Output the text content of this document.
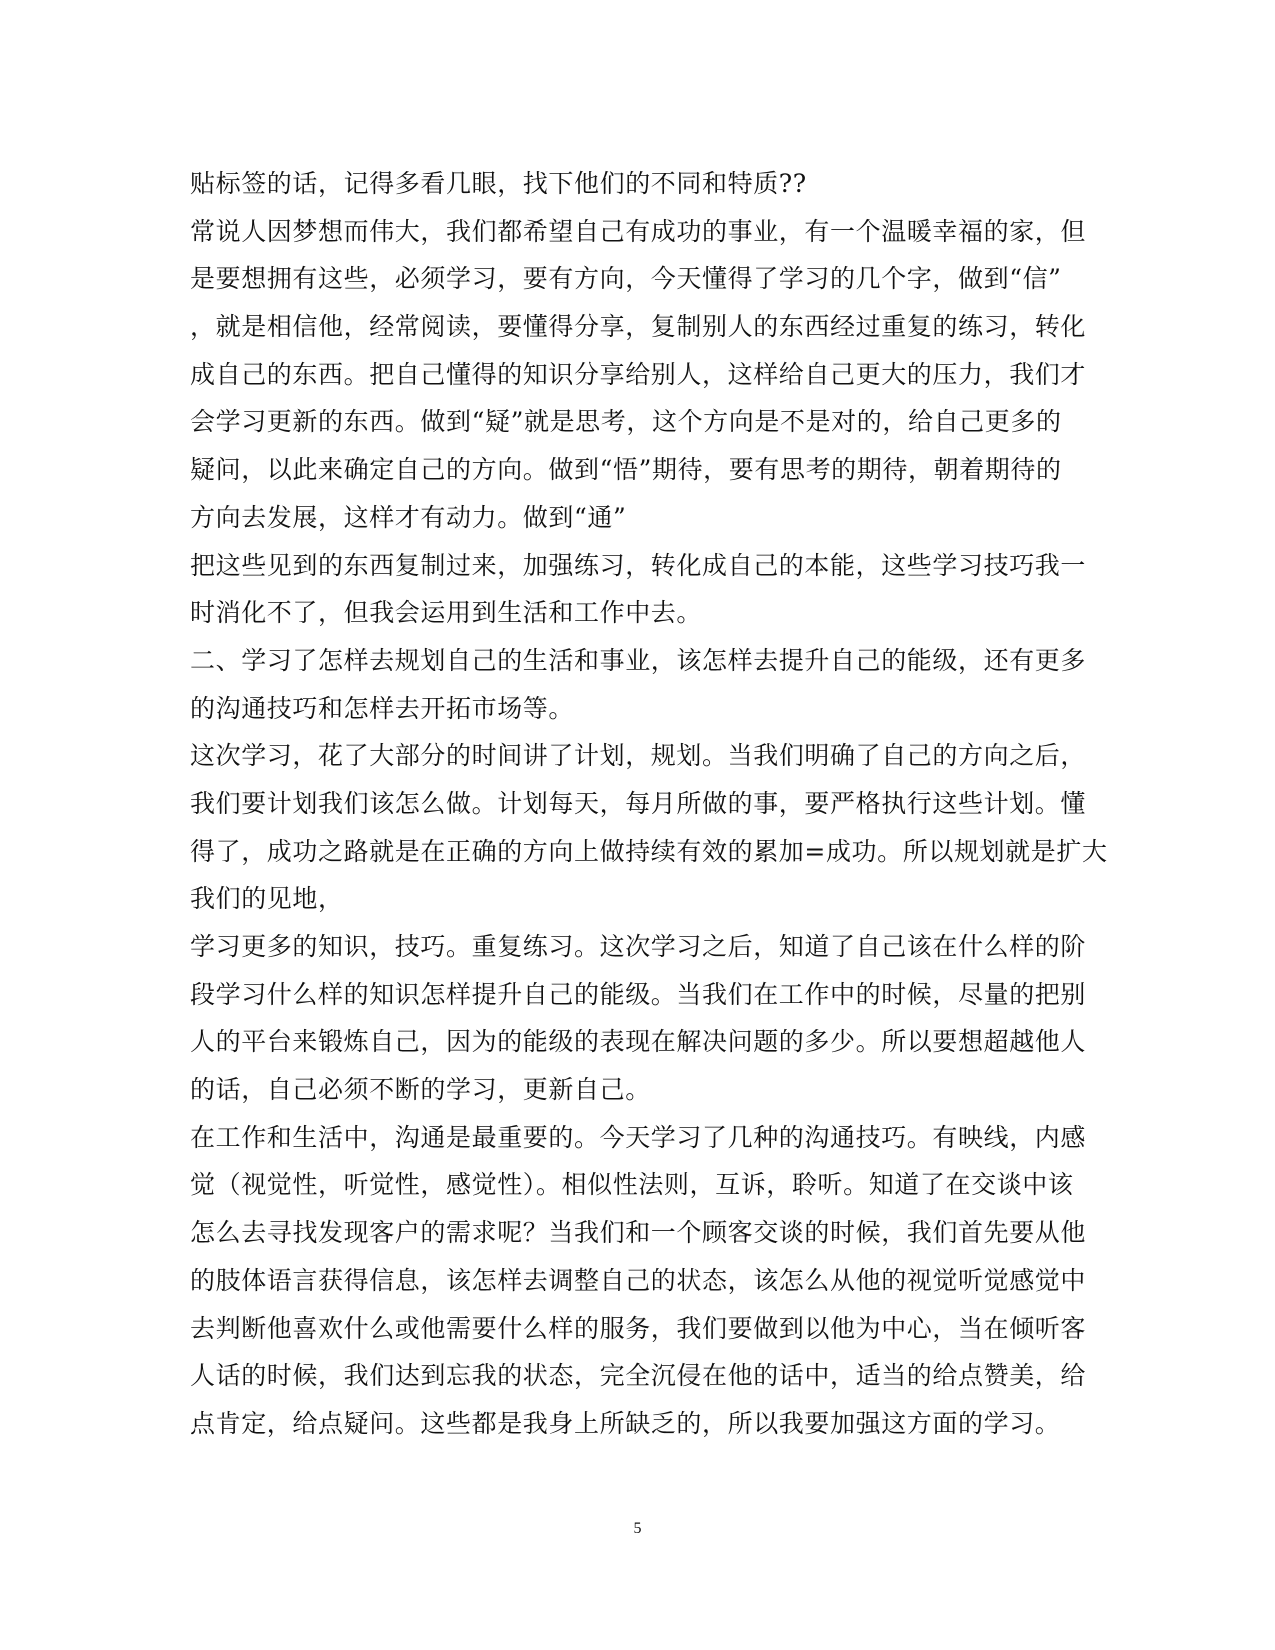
贴标签的话，记得多看几眼，找下他们的不同和特质??
常说人因梦想而伟大，我们都希望自己有成功的事业，有一个温暖幸福的家，但
是要想拥有这些，必须学习，要有方向，今天懂得了学习的几个字，做到“信”
，就是相信他，经常阅读，要懂得分享，复制别人的东西经过重复的练习，转化
成自己的东西。把自己懂得的知识分享给别人，这样给自己更大的压力，我们才
会学习更新的东西。做到“疑”就是思考，这个方向是不是对的，给自己更多的
疑问，以此来确定自己的方向。做到“悟”期待，要有思考的期待，朝着期待的
方向去发展，这样才有动力。做到“通”
把这些见到的东西复制过来，加强练习，转化成自己的本能，这些学习技巧我一
时消化不了，但我会运用到生活和工作中去。
二、学习了怎样去规划自己的生活和事业，该怎样去提升自己的能级，还有更多
的沟通技巧和怎样去开拓市场等。
这次学习，花了大部分的时间讲了计划，规划。当我们明确了自己的方向之后，
我们要计划我们该怎么做。计划每天，每月所做的事，要严格执行这些计划。懂
得了，成功之路就是在正确的方向上做持续有效的累加=成功。所以规划就是扩大
我们的见地，
学习更多的知识，技巧。重复练习。这次学习之后，知道了自己该在什么样的阶
段学习什么样的知识怎样提升自己的能级。当我们在工作中的时候，尽量的把别
人的平台来锻炼自己，因为的能级的表现在解决问题的多少。所以要想超越他人
的话，自己必须不断的学习，更新自己。
在工作和生活中，沟通是最重要的。今天学习了几种的沟通技巧。有映线，内感
觉（视觉性，听觉性，感觉性）。相似性法则，互诉，聆听。知道了在交谈中该
怎么去寻找发现客户的需求呢？当我们和一个顾客交谈的时候，我们首先要从他
的肢体语言获得信息，该怎样去调整自己的状态，该怎么从他的视觉听觉感觉中
去判断他喜欢什么或他需要什么样的服务，我们要做到以他为中心，当在倾听客
人话的时候，我们达到忘我的状态，完全沉侵在他的话中，适当的给点赞美，给
点肯定，给点疑问。这些都是我身上所缺乏的，所以我要加强这方面的学习。
5
